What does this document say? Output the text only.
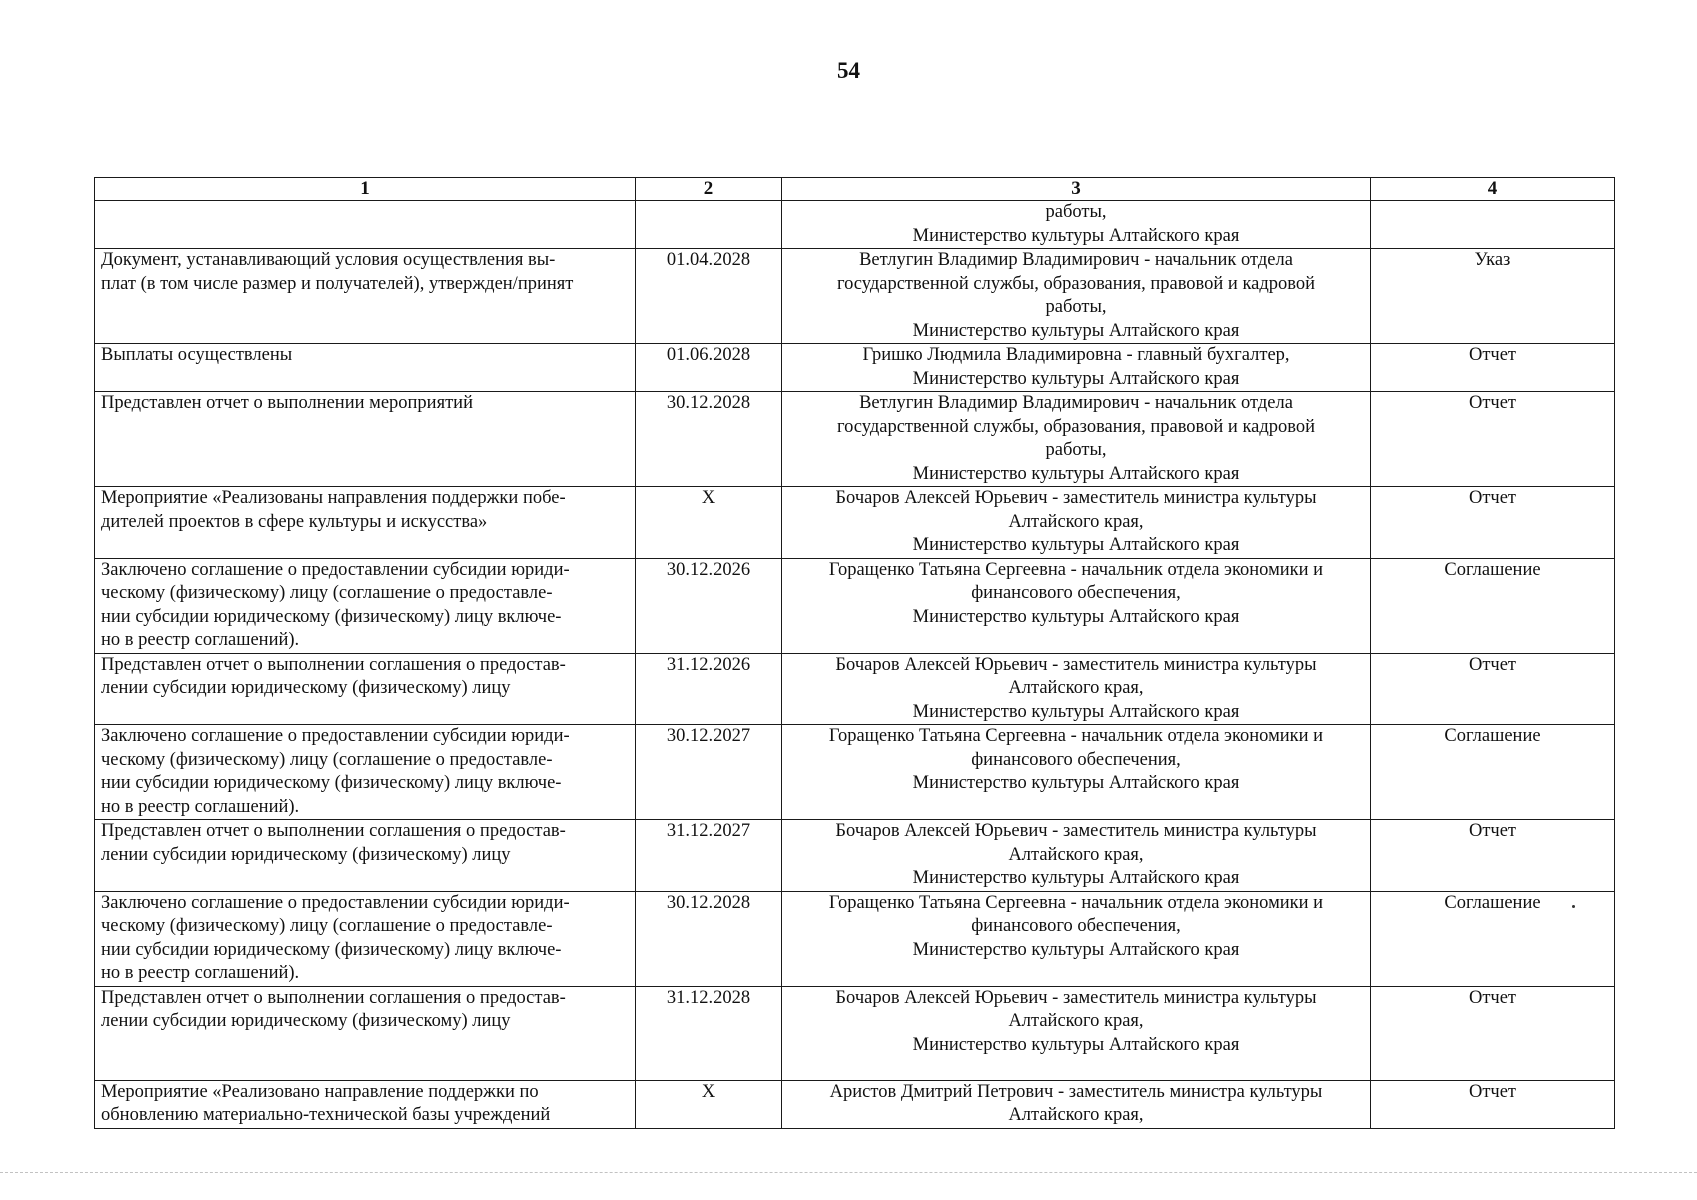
54
1	2	3	4

		работы,
Министерство культуры Алтайского края	

Документ, устанавливающий условия осуществления вы-
плат (в том числе размер и получателей), утвержден/принят	01.04.2028	Ветлугин Владимир Владимирович - начальник отдела
государственной службы, образования, правовой и кадровой
работы,
Министерство культуры Алтайского края	Указ

Выплаты осуществлены	01.06.2028	Гришко Людмила Владимировна - главный бухгалтер,
Министерство культуры Алтайского края	Отчет

Представлен отчет о выполнении мероприятий	30.12.2028	Ветлугин Владимир Владимирович - начальник отдела
государственной службы, образования, правовой и кадровой
работы,
Министерство культуры Алтайского края	Отчет

Мероприятие «Реализованы направления поддержки побе-
дителей проектов в сфере культуры и искусства»	X	Бочаров Алексей Юрьевич - заместитель министра культуры
Алтайского края,
Министерство культуры Алтайского края	Отчет

Заключено соглашение о предоставлении субсидии юриди-
ческому (физическому) лицу (соглашение о предоставле-
нии субсидии юридическому (физическому) лицу включе-
но в реестр соглашений).	30.12.2026	Горащенко Татьяна Сергеевна - начальник отдела экономики и
финансового обеспечения,
Министерство культуры Алтайского края	Соглашение

Представлен отчет о выполнении соглашения о предостав-
лении субсидии юридическому (физическому) лицу	31.12.2026	Бочаров Алексей Юрьевич - заместитель министра культуры
Алтайского края,
Министерство культуры Алтайского края	Отчет

Заключено соглашение о предоставлении субсидии юриди-
ческому (физическому) лицу (соглашение о предоставле-
нии субсидии юридическому (физическому) лицу включе-
но в реестр соглашений).	30.12.2027	Горащенко Татьяна Сергеевна - начальник отдела экономики и
финансового обеспечения,
Министерство культуры Алтайского края	Соглашение

Представлен отчет о выполнении соглашения о предостав-
лении субсидии юридическому (физическому) лицу	31.12.2027	Бочаров Алексей Юрьевич - заместитель министра культуры
Алтайского края,
Министерство культуры Алтайского края	Отчет

Заключено соглашение о предоставлении субсидии юриди-
ческому (физическому) лицу (соглашение о предоставле-
нии субсидии юридическому (физическому) лицу включе-
но в реестр соглашений).	30.12.2028	Горащенко Татьяна Сергеевна - начальник отдела экономики и
финансового обеспечения,
Министерство культуры Алтайского края	Соглашение

Представлен отчет о выполнении соглашения о предостав-
лении субсидии юридическому (физическому) лицу	31.12.2028	Бочаров Алексей Юрьевич - заместитель министра культуры
Алтайского края,
Министерство культуры Алтайского края	Отчет

Мероприятие «Реализовано направление поддержки по
обновлению материально-технической базы учреждений	X	Аристов Дмитрий Петрович - заместитель министра культуры
Алтайского края,	Отчет
